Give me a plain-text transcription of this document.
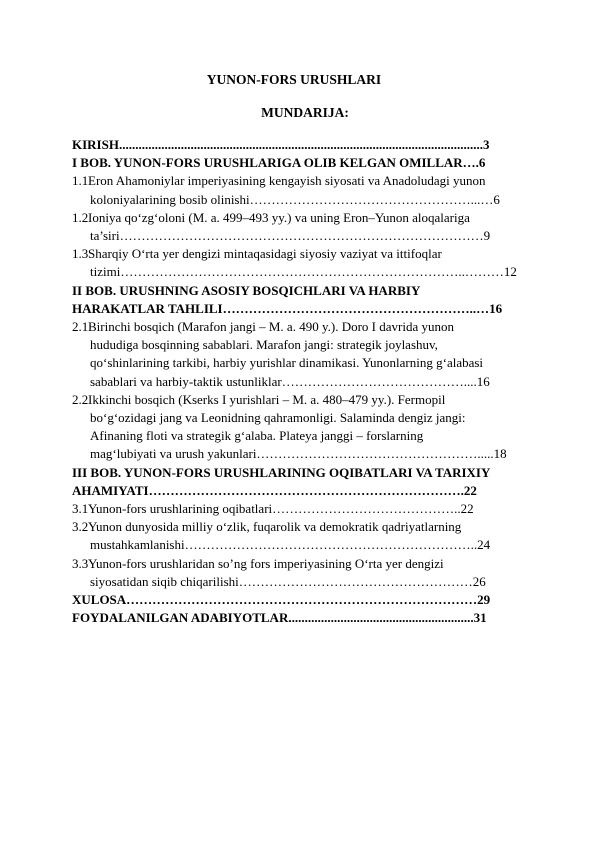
YUNON-FORS URUSHLARI
MUNDARIJA:
KIRISH................................................................................................................3
I BOB. YUNON-FORS URUSHLARIGA OLIB KELGAN OMILLAR….6
1.1Eron Ahamoniylar imperiyasining kengayish siyosati va Anadoludagi yunon
koloniyalarining bosib olinishi……………………………………………...…6
1.2Ioniya qo‘zg‘oloni (M. a. 499–493 yy.) va uning Eron–Yunon aloqalariga
ta’siri…………………………………………………………………………9
1.3Sharqiy O‘rta yer dengizi mintaqasidagi siyosiy vaziyat va ittifoqlar
tizimi……………………………………………………………………..………12
II BOB. URUSHNING ASOSIY BOSQICHLARI VA HARBIY
HARAKATLAR TAHLILI…………………………………………………..…16
2.1Birinchi bosqich (Marafon jangi – M. a. 490 y.). Doro I davrida yunon
hududiga bosqinning sabablari. Marafon jangi: strategik joylashuv,
qo‘shinlarining tarkibi, harbiy yurishlar dinamikasi. Yunonlarning g‘alabasi
sabablari va harbiy-taktik ustunliklar……………………………………....16
2.2Ikkinchi bosqich (Kserks I yurishlari – M. a. 480–479 yy.). Fermopil
bo‘g‘ozidagi jang va Leonidning qahramonligi. Salaminda dengiz jangi:
Afinaning floti va strategik g‘alaba. Plateya janggi – forslarning
mag‘lubiyati va urush yakunlari…………………………………………….....18
III BOB. YUNON-FORS URUSHLARINING OQIBATLARI VA TARIXIY
AHAMIYATI……………………………………………………………….22
3.1Yunon-fors urushlarining oqibatlari……………………………………..22
3.2Yunon dunyosida milliy o‘zlik, fuqarolik va demokratik qadriyatlarning
mustahkamlanishi…………………………………………………………..24
3.3Yunon-fors urushlaridan so’ng fors imperiyasining O‘rta yer dengizi
siyosatidan siqib chiqarilishi………………………………………………26
XULOSA………………………………………………………………………29
FOYDALANILGAN ADABIYOTLAR.........................................................31
